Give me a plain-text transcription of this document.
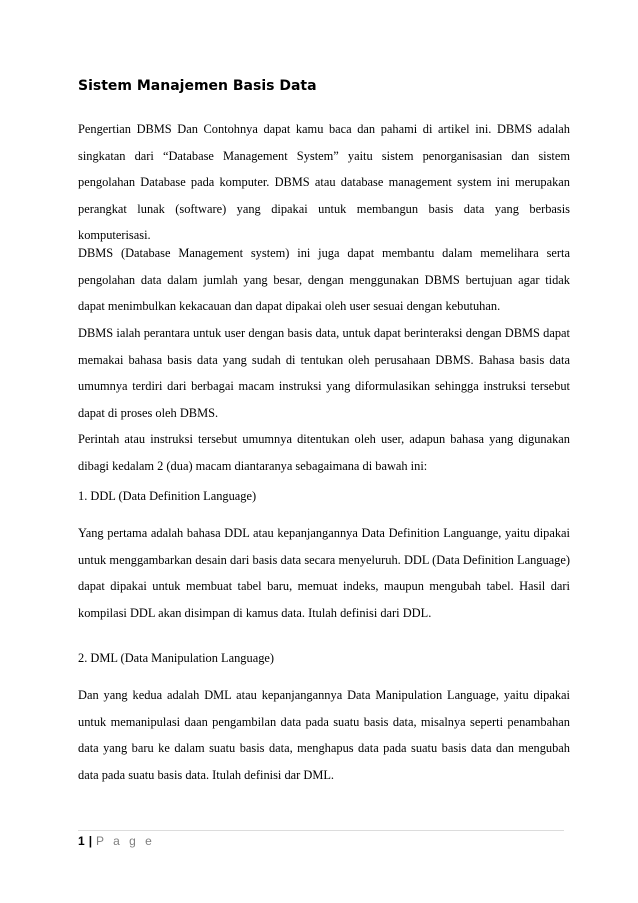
Sistem Manajemen Basis Data

Pengertian DBMS Dan Contohnya dapat kamu baca dan pahami di artikel ini. DBMS adalah singkatan dari “Database Management System” yaitu sistem penorganisasian dan sistem pengolahan Database pada komputer. DBMS atau database management system ini merupakan perangkat lunak (software) yang dipakai untuk membangun basis data yang berbasis komputerisasi.

DBMS (Database Management system) ini juga dapat membantu dalam memelihara serta pengolahan data dalam jumlah yang besar, dengan menggunakan DBMS bertujuan agar tidak dapat menimbulkan kekacauan dan dapat dipakai oleh user sesuai dengan kebutuhan.

DBMS ialah perantara untuk user dengan basis data, untuk dapat berinteraksi dengan DBMS dapat memakai bahasa basis data yang sudah di tentukan oleh perusahaan DBMS. Bahasa basis data umumnya terdiri dari berbagai macam instruksi yang diformulasikan sehingga instruksi tersebut dapat di proses oleh DBMS.

Perintah atau instruksi tersebut umumnya ditentukan oleh user, adapun bahasa yang digunakan dibagi kedalam 2 (dua) macam diantaranya sebagaimana di bawah ini:

1. DDL (Data Definition Language)

Yang pertama adalah bahasa DDL atau kepanjangannya Data Definition Languange, yaitu dipakai untuk menggambarkan desain dari basis data secara menyeluruh. DDL (Data Definition Language) dapat dipakai untuk membuat tabel baru, memuat indeks, maupun mengubah tabel. Hasil dari kompilasi DDL akan disimpan di kamus data. Itulah definisi dari DDL.

2. DML (Data Manipulation Language)

Dan yang kedua adalah DML atau kepanjangannya Data Manipulation Language, yaitu dipakai untuk memanipulasi daan pengambilan data pada suatu basis data, misalnya seperti penambahan data yang baru ke dalam suatu basis data, menghapus data pada suatu basis data dan mengubah data pada suatu basis data. Itulah definisi dar DML.

1 | P a g e
